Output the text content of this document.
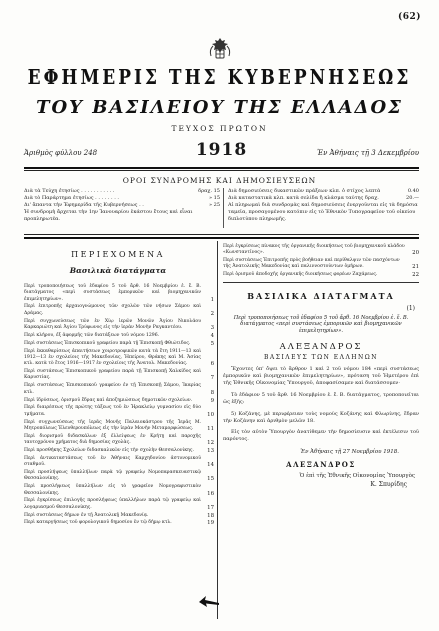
(62)
ΕΦΗΜΕΡΙΣ ΤΗΣ ΚΥΒΕΡΝΗΣΕΩΣ
ΤΟΥ ΒΑΣΙΛΕΙΟΥ ΤΗΣ ΕΛΛΑΔΟΣ
ΤΕΥΧΟΣ ΠΡΩΤΟΝ
Ἀριθμὸς φύλλου 248	1918	Ἐν Ἀθήναις τῇ 3 Δεκεμβρίου
ΟΡΟΙ ΣΥΝΔΡΟΜΗΣ ΚΑΙ ΔΗΜΟΣΙΕΥΣΕΩΝ
Διὰ τὰ Τεύχη ἐτησίως . . . . . . . . . . .	δραχ. 15
Διὰ τὸ Παράρτημα ἐτησίως . . . . . . . .	» 15
Δι' ἅπαντα τὴν Ἐφημερίδα τῆς Κυβερνήσεως . .	» 25
Ἡ συνδρομὴ ἄρχεται τὴν 1ην Ἰανουαρίου ἑκάστου ἔτους καὶ εἶναι προπληρωτέα.
Διὰ δημοσιεύσεις δικαστικῶν πράξεων κλπ. ὁ στίχος λεπτὰ	0.40
Διὰ καταστατικὰ κλπ. κατὰ σελίδα ἢ κλάσμα ταύτης δραχ.	20.—
Αἱ πληρωμαὶ διὰ συνδρομὰς καὶ δημοσιεύσεις ἐνεργοῦνται εἰς τὰ δημόσια ταμεῖα, προσαγομένου κατόπιν εἰς τὸ Ἐθνικὸν Τυπογραφεῖον τοῦ οἰκείου διπλοτύπου πληρωμῆς.
ΠΕΡΙΕΧΟΜΕΝΑ
Βασιλικὰ διατάγματα
Περὶ τροποποιήσεως τοῦ ἐδαφίου 5 τοῦ ἄρθ. 16 Νοεμβρίου ἐ. ἔ. Β. διατάγματος «περὶ συστάσεως ἐμπορικῶν καὶ βιομηχανικῶν ἐπιμελητηρίων».	1
Περὶ ἐπιτροπῆς ἀρχαιογνώμονος τῶν σχολῶν τῶν νήσων Σάμου καὶ Δράμας.	2
Περὶ συγχωνεύσεως τῶν ἐν Χίῳ ἱερῶν Μονῶν Ἁγίου Νικολάου Καρκαριώτη καὶ Ἁγίου Τρύφωνος εἰς τὴν ἱερὰν Μονὴν Ραγκαντέου.	3
Περὶ κλήρου, ἐξ ἀφορμῆς τῶν διατάξεων τοῦ νόμου 1296.	4
Περὶ συστάσεως Ἐπισκοπικοῦ γραφείου παρὰ τῇ Ἐπισκοπῇ Φθιώτιδος.	5
Περὶ ἐκκαθαρίσεως ἀπαιτήσεων χοιροτροφικῶν κατὰ τὰ ἔτη 1911—13 καὶ 1912—13 ἐν σχολείοις τῆς Μακεδονίας, Ἠπείρου, Θράκης καὶ Μ. Ἀσίας κτλ. κατὰ τὸ ἔτος 1916—1917 ἐν σχολείοις τῆς Ἀνατολ. Μακεδονίας.	6
Περὶ συστάσεως Ἐπισκοπικοῦ γραφείου παρὰ τῇ Ἐπισκοπῇ Χαλκίδος καὶ Καρυστίας.	7
Περὶ συστάσεως Ἐπισκοπικοῦ γραφείου ἐν τῇ Ἐπισκοπῇ Σάμου, Ἰκαρίας κτλ.	8
Περὶ ἱδρύσεως, ὁρισμοῦ ἕδρας καὶ ἀποζημιώσεως δημοτικῶν σχολείων.	9
Περὶ διαιρέσεως τῆς πρώτης τάξεως τοῦ ἐν Ἡρακλείῳ γυμνασίου εἰς δύο τμήματα.	10
Περὶ συγχωνεύσεως τῆς ἱερᾶς Μονῆς Παλαιοκάστρου τῆς Ἱερᾶς Μ. Μητροπόλεως Ἐλευθερουπόλεως εἰς τὴν ἱερὰν Μονὴν Μεταμορφώσεως.	11
Περὶ διορισμοῦ διδασκάλων ἐξ ἐλλείψεως ἐν Κρήτῃ καὶ παροχῆς ταυτοχρόνου χρήματος διὰ δημοσίας σχολὰς.	12
Περὶ προσθήκης Σχολείων διδασκαλικῶν εἰς τὴν σχολὴν Θεσσαλονίκης.	13
Περὶ ἀντικαταστάσεως τοῦ ἐν Ἀθήναις Καρχηδονίου ἀστυνομικοῦ σταθμοῦ.	14
Περὶ προσλήψεως ὑπαλλήλων παρὰ τῷ γραφείῳ Νομοπαρασκευαστικῷ Θεσσαλονίκης.	15
Περὶ προσλήψεως ὑπαλλήλων εἰς τὸ γραφεῖον Νομογραφιστικὸν Θεσσαλονίκης.	16
Περὶ ἐγκρίσεως ἐπιλογῆς προσλήψεως ὑπαλλήλων παρὰ τῷ γραφείῳ καὶ λογαριασμοῦ Θεσσαλονίκης.	17
Περὶ συστάσεως δήμων ἐν τῇ Ἀνατολικῇ Μακεδονίᾳ.	18
Περὶ καταργήσεως τοῦ φορολογικοῦ δημοσίου ἐν τῷ δήμῳ κτλ.	19
Περὶ ἐγκρίσεως πίνακος τῆς ὀργανικῆς διοικήσεως τοῦ βιομηχανικοῦ κλάδου «Κωνσταντῖνος».	20
Περὶ συστάσεως Ἐπιτροπῆς πρὸς βοήθειαν καὶ περίθαλψιν τῶν πασχόντων τῆς Ἀνατολικῆς Μακεδονίας καὶ παλιννοστούντων ὁμήρων.	21
Περὶ ὁρισμοῦ ἀποδοχῆς ὀργανικῆς διοικήσεως φορέων Ζαχάρεως.	22
ΒΑΣΙΛΙΚΑ ΔΙΑΤΑΓΜΑΤΑ
(1)
Περὶ τροποποιήσεως τοῦ ἐδαφίου 5 τοῦ ἄρθ. 16 Νοεμβρίου ἐ. ἔ. Β. διατάγματος «περὶ συστάσεως ἐμπορικῶν καὶ βιομηχανικῶν ἐπιμελητηρίων».
ΑΛΕΞΑΝΔΡΟΣ
ΒΑΣΙΛΕΥΣ ΤΩΝ ΕΛΛΗΝΩΝ
Ἔχοντες ὑπ' ὄψει τὸ ἄρθρον 1 καὶ 2 τοῦ νόμου 184 «περὶ συστάσεως ἐμπορικῶν καὶ βιομηχανικῶν ἐπιμελητηρίων», πρόταση τοῦ Ἡμετέρου ἐπὶ τῆς Ἐθνικῆς Οἰκονομίας Ὑπουργοῦ, ἀποφασίσαμεν καὶ διατάσσομεν·
Τὸ ἐδάφιον 5 τοῦ ἄρθ. 16 Νοεμβρίου ἐ. ἔ. Β. διατάγματος, τροποποιεῖται ὡς ἑξῆς:
5) Κοζάνης, μὲ περιφέρειαν τοὺς νομοὺς Κοζάνης καὶ Φλωρίνης, ἕδραν τὴν Κοζάνην καὶ ἀριθμὸν μελῶν 18.
Εἰς τὸν αὐτὸν Ὑπουργὸν ἀνατίθεμεν τὴν δημοσίευσιν καὶ ἐκτέλεσιν τοῦ παρόντος.
Ἐν Ἀθήναις τῇ 27 Νοεμβρίου 1918.
ΑΛΕΞΑΝΔΡΟΣ
Ὁ ἐπὶ τῆς Ἐθνικῆς Οἰκονομίας Ὑπουργὸς
Κ. Σπυρίδης
